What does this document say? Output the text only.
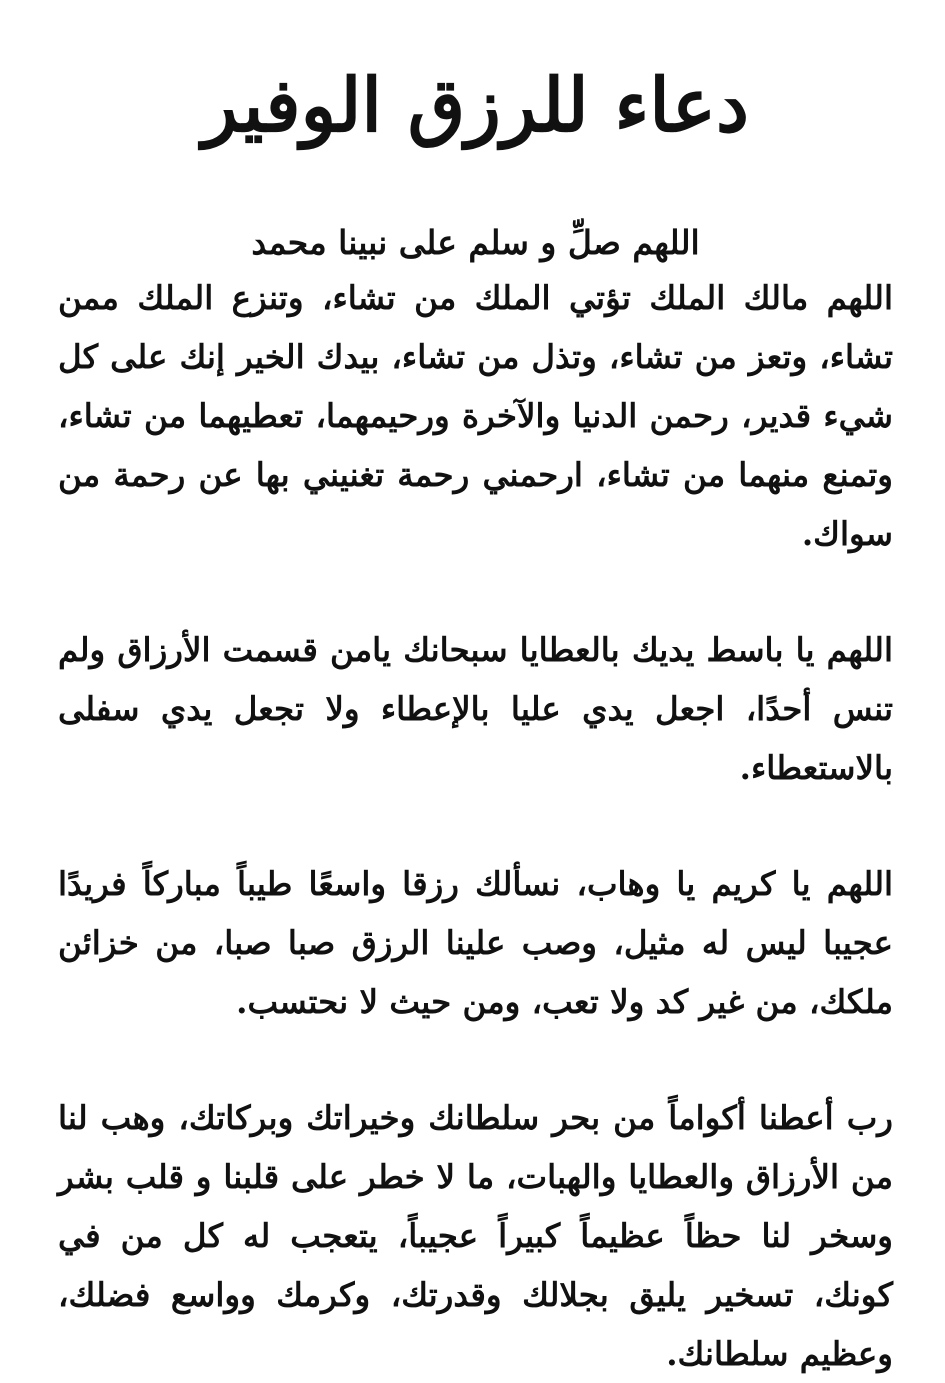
دعاء للرزق الوفير

اللهم صلِّ و سلم على نبينا محمد

اللهم مالك الملك تؤتي الملك من تشاء، وتنزع الملك ممن تشاء، وتعز من تشاء، وتذل من تشاء، بيدك الخير إنك على كل شيء قدير، رحمن الدنيا والآخرة ورحيمهما، تعطيهما من تشاء، وتمنع منهما من تشاء، ارحمني رحمة تغنيني بها عن رحمة من سواك.

اللهم يا باسط يديك بالعطايا سبحانك يامن قسمت الأرزاق ولم تنس أحدًا، اجعل يدي عليا بالإعطاء ولا تجعل يدي سفلى بالاستعطاء.

اللهم يا كريم يا وهاب، نسألك رزقا واسعًا طيباً مباركاً فريدًا عجيبا ليس له مثيل، وصب علينا الرزق صبا صبا، من خزائن ملكك، من غير كد ولا تعب، ومن حيث لا نحتسب.

رب أعطنا أكواماً من بحر سلطانك وخيراتك وبركاتك، وهب لنا من الأرزاق والعطايا والهبات، ما لا خطر على قلبنا و قلب بشر وسخر لنا حظاً عظيماً كبيراً عجيباً، يتعجب له كل من في كونك، تسخير يليق بجلالك وقدرتك، وكرمك وواسع فضلك، وعظيم سلطانك.
